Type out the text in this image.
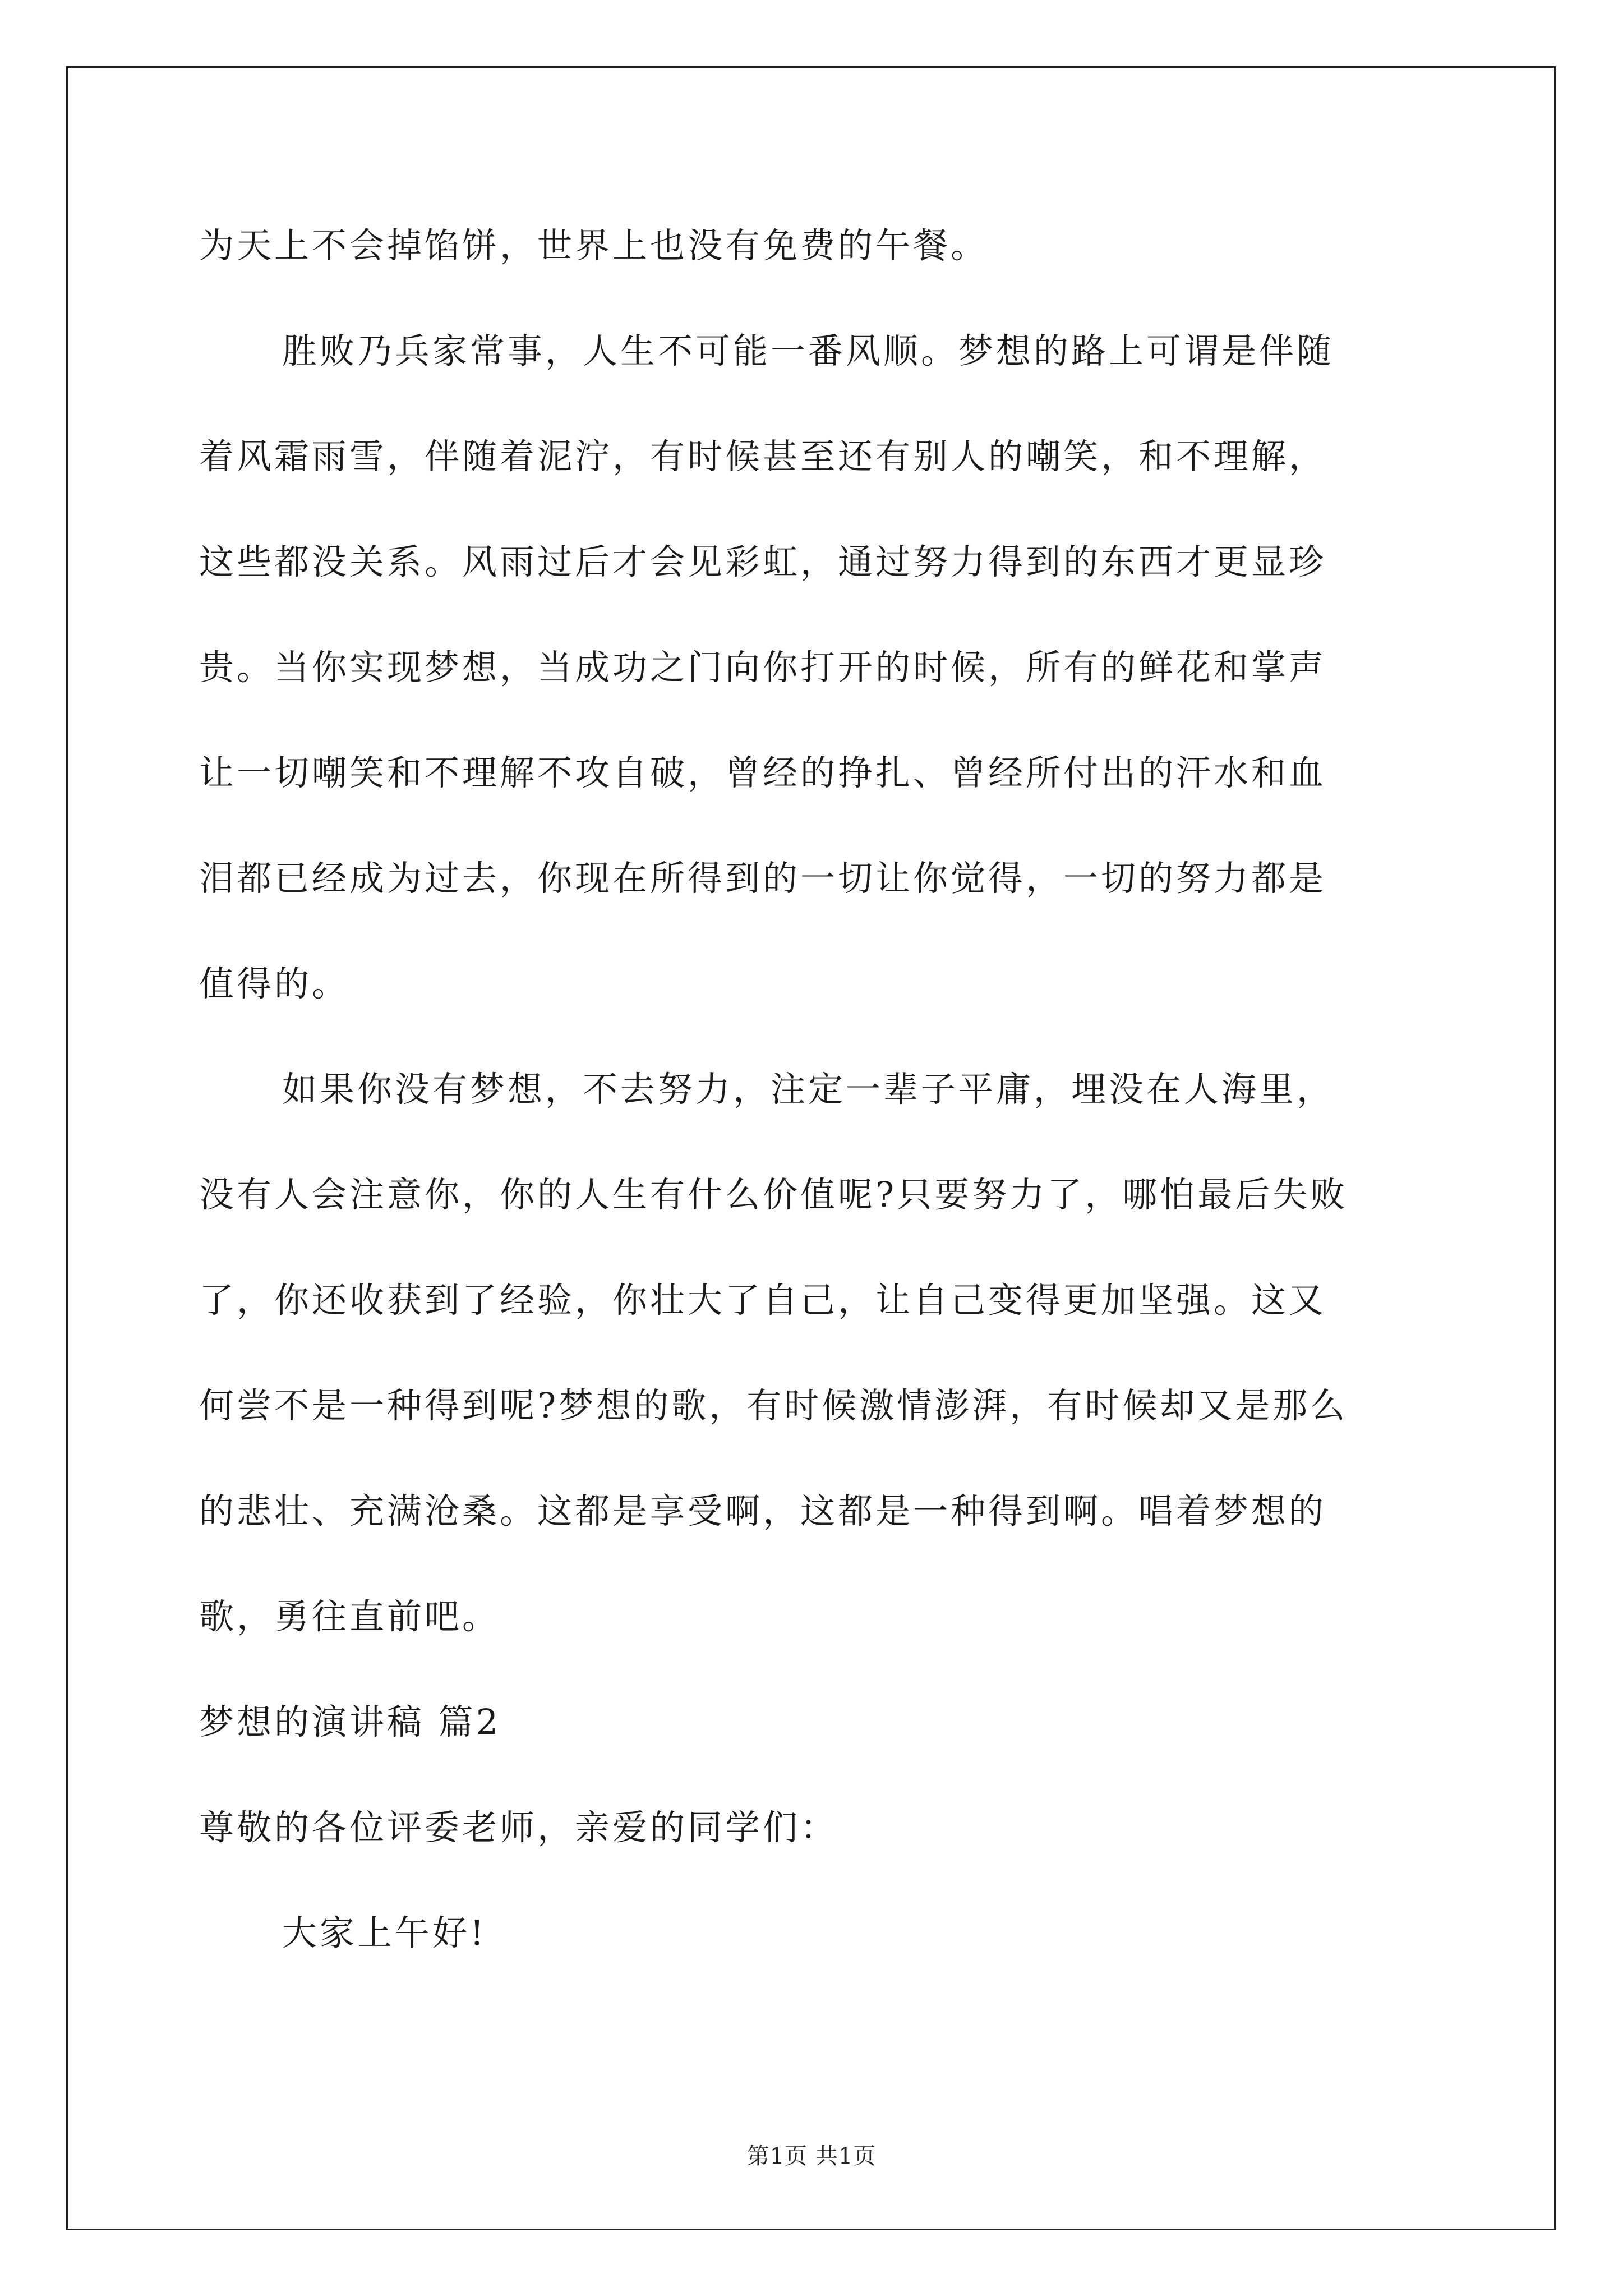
为天上不会掉馅饼，世界上也没有免费的午餐。
胜败乃兵家常事，人生不可能一番风顺。梦想的路上可谓是伴随
着风霜雨雪，伴随着泥泞，有时候甚至还有别人的嘲笑，和不理解，
这些都没关系。风雨过后才会见彩虹，通过努力得到的东西才更显珍
贵。当你实现梦想，当成功之门向你打开的时候，所有的鲜花和掌声
让一切嘲笑和不理解不攻自破，曾经的挣扎、曾经所付出的汗水和血
泪都已经成为过去，你现在所得到的一切让你觉得，一切的努力都是
值得的。
如果你没有梦想，不去努力，注定一辈子平庸，埋没在人海里，
没有人会注意你，你的人生有什么价值呢?只要努力了，哪怕最后失败
了，你还收获到了经验，你壮大了自己，让自己变得更加坚强。这又
何尝不是一种得到呢?梦想的歌，有时候激情澎湃，有时候却又是那么
的悲壮、充满沧桑。这都是享受啊，这都是一种得到啊。唱着梦想的
歌，勇往直前吧。
梦想的演讲稿 篇2
尊敬的各位评委老师，亲爱的同学们：
大家上午好!
第1页 共1页
